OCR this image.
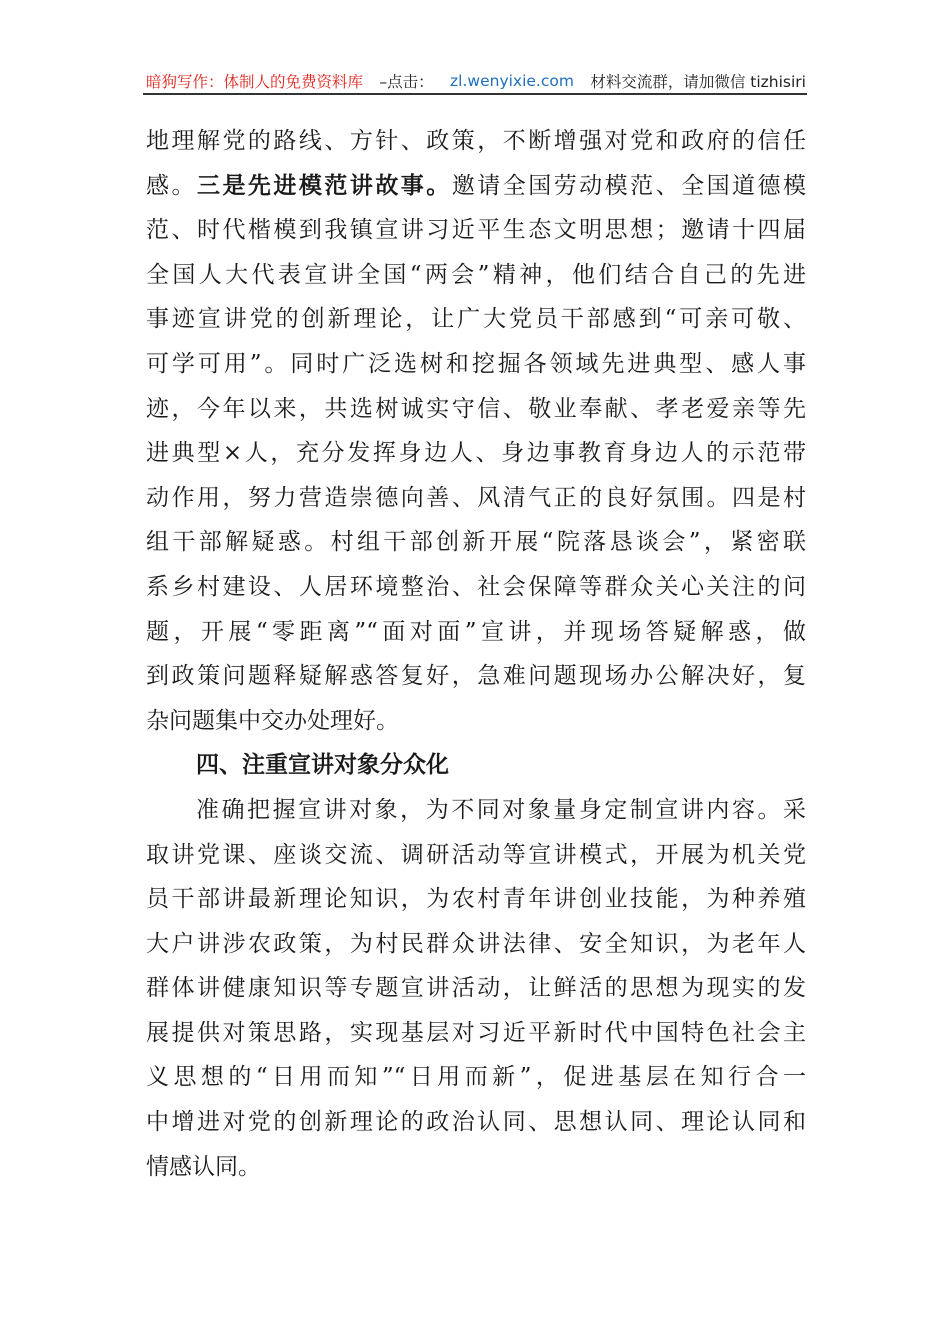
暗狗写作：体制人的免费资料库 –点击： zl.wenyixie.com 材料交流群，请加微信 tizhisiri
地理解党的路线、方针、政策，不断增强对党和政府的信任
感。三是先进模范讲故事。邀请全国劳动模范、全国道德模
范、时代楷模到我镇宣讲习近平生态文明思想；邀请十四届
全国人大代表宣讲全国“两会”精神，他们结合自己的先进
事迹宣讲党的创新理论，让广大党员干部感到“可亲可敬、
可学可用”。同时广泛选树和挖掘各领域先进典型、感人事
迹，今年以来，共选树诚实守信、敬业奉献、孝老爱亲等先
进典型×人，充分发挥身边人、身边事教育身边人的示范带
动作用，努力营造崇德向善、风清气正的良好氛围。四是村
组干部解疑惑。村组干部创新开展“院落恳谈会”，紧密联
系乡村建设、人居环境整治、社会保障等群众关心关注的问
题，开展“零距离”“面对面”宣讲，并现场答疑解惑，做
到政策问题释疑解惑答复好，急难问题现场办公解决好，复
杂问题集中交办处理好。
四、注重宣讲对象分众化
准确把握宣讲对象，为不同对象量身定制宣讲内容。采
取讲党课、座谈交流、调研活动等宣讲模式，开展为机关党
员干部讲最新理论知识，为农村青年讲创业技能，为种养殖
大户讲涉农政策，为村民群众讲法律、安全知识，为老年人
群体讲健康知识等专题宣讲活动，让鲜活的思想为现实的发
展提供对策思路，实现基层对习近平新时代中国特色社会主
义思想的“日用而知”“日用而新”，促进基层在知行合一
中增进对党的创新理论的政治认同、思想认同、理论认同和
情感认同。
